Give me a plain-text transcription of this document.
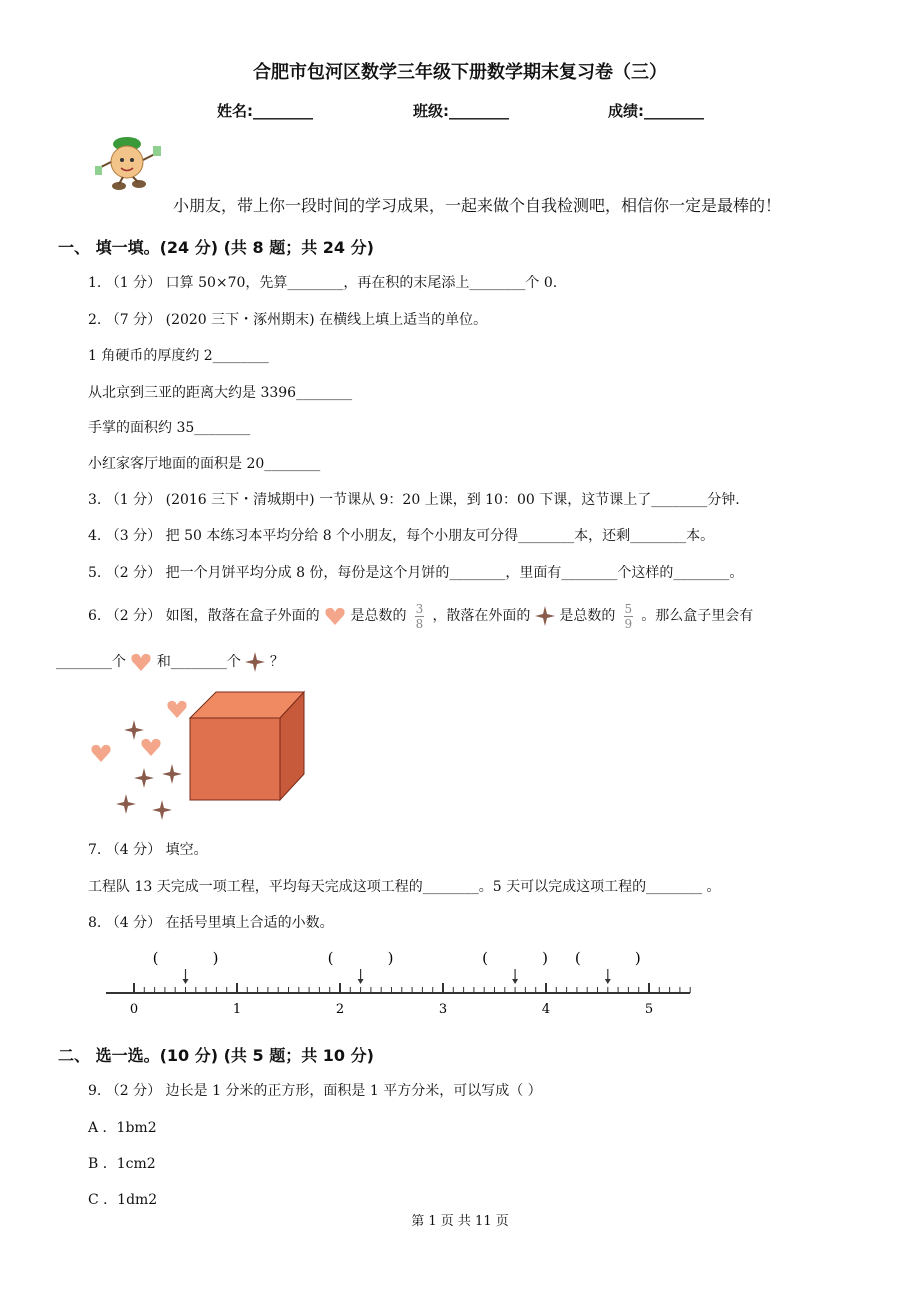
合肥市包河区数学三年级下册数学期末复习卷（三）
姓名:________	班级:________	成绩:________
小朋友，带上你一段时间的学习成果，一起来做个自我检测吧，相信你一定是最棒的！
一、 填一填。(24 分) (共 8 题；共 24 分)
1. （1 分） 口算 50×70，先算________，再在积的末尾添上________个 0.
2. （7 分） (2020 三下・涿州期末) 在横线上填上适当的单位。
1 角硬币的厚度约 2________
从北京到三亚的距离大约是 3396________
手掌的面积约 35________
小红家客厅地面的面积是 20________
3. （1 分） (2016 三下・清城期中) 一节课从 9：20 上课，到 10：00 下课，这节课上了________分钟.
4. （3 分） 把 50 本练习本平均分给 8 个小朋友，每个小朋友可分得________本，还剩________本。
5. （2 分） 把一个月饼平均分成 8 份，每份是这个月饼的________，里面有________个这样的________。
6. （2 分） 如图，散落在盒子外面的 是总数的 $\frac{3}{8}$ ，散落在外面的 是总数的 $\frac{5}{9}$ 。那么盒子里会有
________个 和________个 ？
7. （4 分） 填空。
工程队 13 天完成一项工程，平均每天完成这项工程的________。5 天可以完成这项工程的________ 。
8. （4 分） 在括号里填上合适的小数。
0	1	2	3	4	5
(	)	(	)	(	) (	)
二、 选一选。(10 分) (共 5 题；共 10 分)
9. （2 分） 边长是 1 分米的正方形，面积是 1 平方分米，可以写成（ ）
A ．1bm2
B ．1cm2
C ．1dm2
第 1 页 共 11 页
